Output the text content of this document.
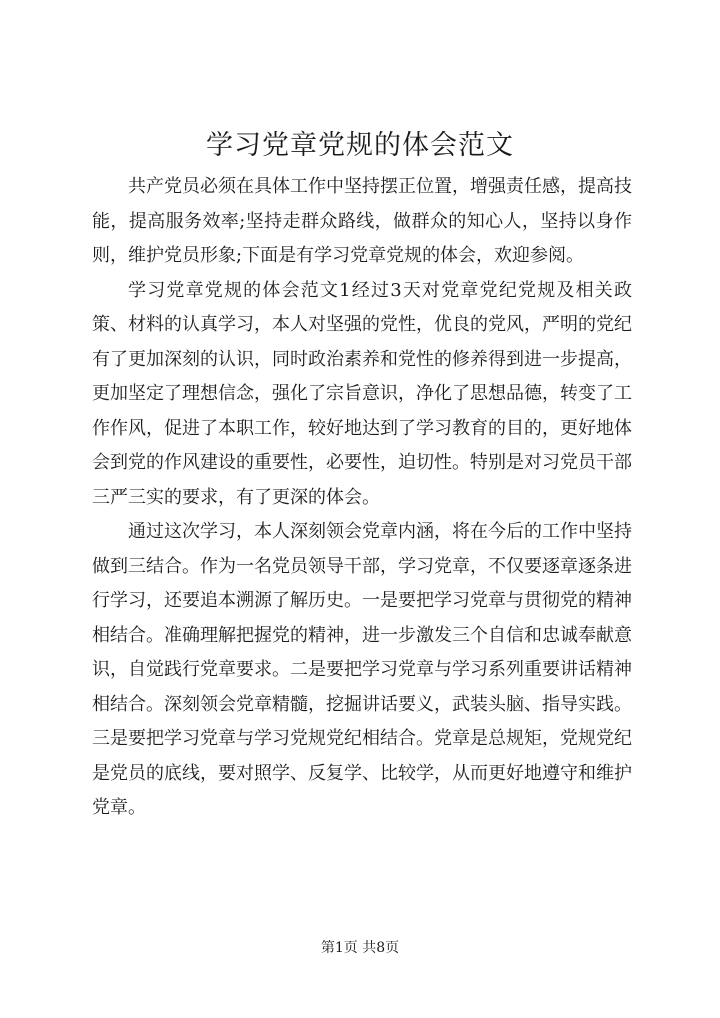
学习党章党规的体会范文

共产党员必须在具体工作中坚持摆正位置，增强责任感，提高技能，提高服务效率;坚持走群众路线，做群众的知心人，坚持以身作则，维护党员形象;下面是有学习党章党规的体会，欢迎参阅。

学习党章党规的体会范文1经过3天对党章党纪党规及相关政策、材料的认真学习，本人对坚强的党性，优良的党风，严明的党纪有了更加深刻的认识，同时政治素养和党性的修养得到进一步提高，更加坚定了理想信念，强化了宗旨意识，净化了思想品德，转变了工作作风，促进了本职工作，较好地达到了学习教育的目的，更好地体会到党的作风建设的重要性，必要性，迫切性。特别是对习党员干部三严三实的要求，有了更深的体会。

通过这次学习，本人深刻领会党章内涵，将在今后的工作中坚持做到三结合。作为一名党员领导干部，学习党章，不仅要逐章逐条进行学习，还要追本溯源了解历史。一是要把学习党章与贯彻党的精神相结合。准确理解把握党的精神，进一步激发三个自信和忠诚奉献意识，自觉践行党章要求。二是要把学习党章与学习系列重要讲话精神相结合。深刻领会党章精髓，挖掘讲话要义，武装头脑、指导实践。三是要把学习党章与学习党规党纪相结合。党章是总规矩，党规党纪是党员的底线，要对照学、反复学、比较学，从而更好地遵守和维护党章。

第1页 共8页
